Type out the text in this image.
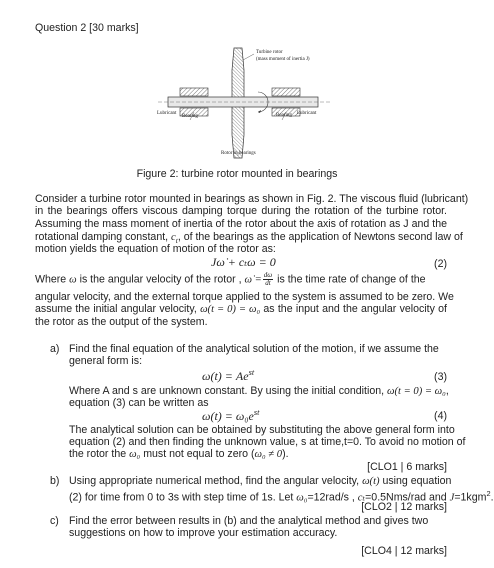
Question 2 [30 marks]
Turbine rotor
(mass moment of inertia J)
Lubricant
Bearing	Bearing Lubricant
Rotor in bearings
Figure 2: turbine rotor mounted in bearings
Consider a turbine rotor mounted in bearings as shown in Fig. 2. The viscous fluid (lubricant)
in the bearings offers viscous damping torque during the rotation of the turbine rotor.
Assuming the mass moment of inertia of the rotor about the axis of rotation as J and the
rotational damping constant, $c_t$, of the bearings as the application of Newtons second law of
motion yields the equation of motion of the rotor as:
Jω̇ + cₜω = 0	(2)
Where ω is the angular velocity of the rotor , ω̇ = $\frac{d\omega}{dt}$ is the time rate of change of the
angular velocity, and the external torque applied to the system is assumed to be zero. We
assume the initial angular velocity, ω(t = 0) = ω₀ as the input and the angular velocity of
the rotor as the output of the system.
a) Find the final equation of the analytical solution of the motion, if we assume the
general form is:
$\omega(t) = Ae^{st}$	(3)
Where A and s are unknown constant. By using the initial condition, ω(t = 0) = ω₀,
equation (3) can be written as
$\omega(t) = \omega_0e^{st}$	(4)
The analytical solution can be obtained by substituting the above general form into
equation (2) and then finding the unknown value, s at time,t=0. To avoid no motion of
the rotor the ω₀ must not equal to zero (ω₀ ≠ 0).
[CLO1 | 6 marks]
b) Using appropriate numerical method, find the angular velocity, ω(t) using equation
(2) for time from 0 to 3s with step time of 1s. Let ω₀=12rad/s , cₜ=0.5Nms/rad and J=1kgm$^2$.
[CLO2 | 12 marks]
c) Find the error between results in (b) and the analytical method and gives two
suggestions on how to improve your estimation accuracy.
[CLO4 | 12 marks]
